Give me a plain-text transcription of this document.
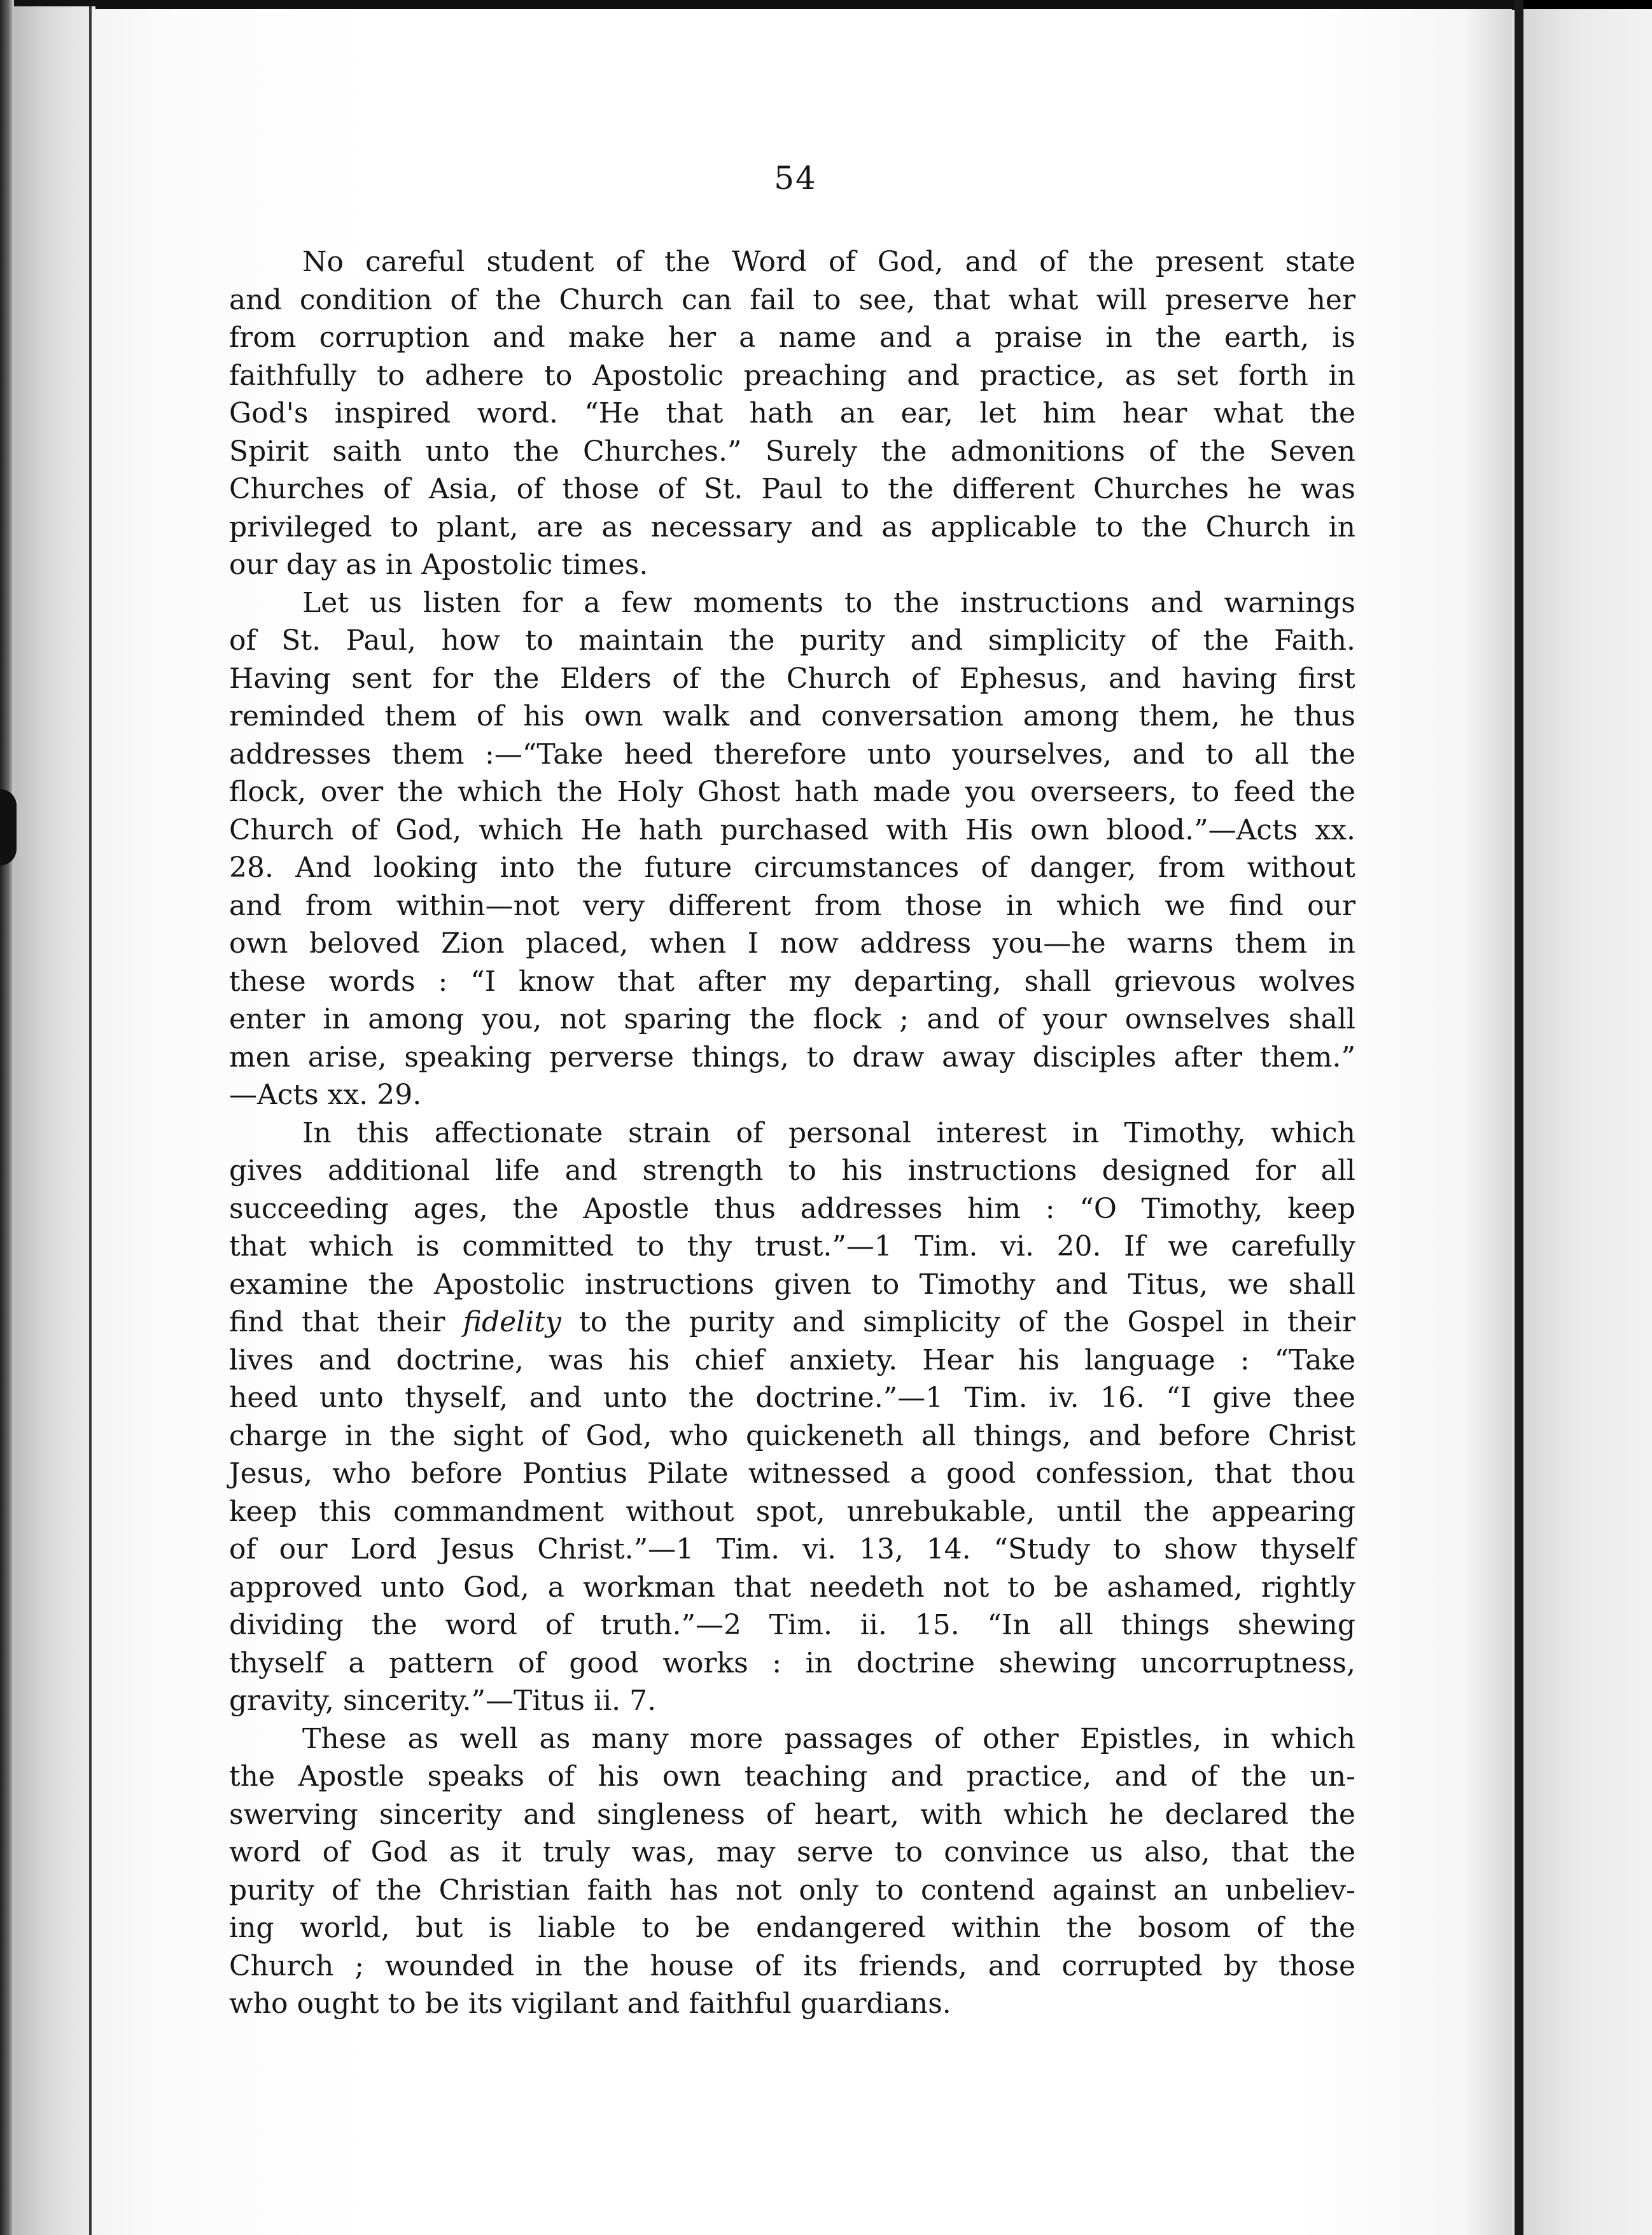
54
No careful student of the Word of God, and of the present state
and condition of the Church can fail to see, that what will preserve her
from corruption and make her a name and a praise in the earth, is
faithfully to adhere to Apostolic preaching and practice, as set forth in
God's inspired word. “He that hath an ear, let him hear what the
Spirit saith unto the Churches.” Surely the admonitions of the Seven
Churches of Asia, of those of St. Paul to the different Churches he was
privileged to plant, are as necessary and as applicable to the Church in
our day as in Apostolic times.
Let us listen for a few moments to the instructions and warnings
of St. Paul, how to maintain the purity and simplicity of the Faith.
Having sent for the Elders of the Church of Ephesus, and having first
reminded them of his own walk and conversation among them, he thus
addresses them :—“Take heed therefore unto yourselves, and to all the
flock, over the which the Holy Ghost hath made you overseers, to feed the
Church of God, which He hath purchased with His own blood.”—Acts xx.
28. And looking into the future circumstances of danger, from without
and from within—not very different from those in which we find our
own beloved Zion placed, when I now address you—he warns them in
these words : “I know that after my departing, shall grievous wolves
enter in among you, not sparing the flock ; and of your ownselves shall
men arise, speaking perverse things, to draw away disciples after them.”
—Acts xx. 29.
In this affectionate strain of personal interest in Timothy, which
gives additional life and strength to his instructions designed for all
succeeding ages, the Apostle thus addresses him : “O Timothy, keep
that which is committed to thy trust.”—1 Tim. vi. 20. If we carefully
examine the Apostolic instructions given to Timothy and Titus, we shall
find that their fidelity to the purity and simplicity of the Gospel in their
lives and doctrine, was his chief anxiety. Hear his language : “Take
heed unto thyself, and unto the doctrine.”—1 Tim. iv. 16. “I give thee
charge in the sight of God, who quickeneth all things, and before Christ
Jesus, who before Pontius Pilate witnessed a good confession, that thou
keep this commandment without spot, unrebukable, until the appearing
of our Lord Jesus Christ.”—1 Tim. vi. 13, 14. “Study to show thyself
approved unto God, a workman that needeth not to be ashamed, rightly
dividing the word of truth.”—2 Tim. ii. 15. “In all things shewing
thyself a pattern of good works : in doctrine shewing uncorruptness,
gravity, sincerity.”—Titus ii. 7.
These as well as many more passages of other Epistles, in which
the Apostle speaks of his own teaching and practice, and of the un-
swerving sincerity and singleness of heart, with which he declared the
word of God as it truly was, may serve to convince us also, that the
purity of the Christian faith has not only to contend against an unbeliev-
ing world, but is liable to be endangered within the bosom of the
Church ; wounded in the house of its friends, and corrupted by those
who ought to be its vigilant and faithful guardians.
